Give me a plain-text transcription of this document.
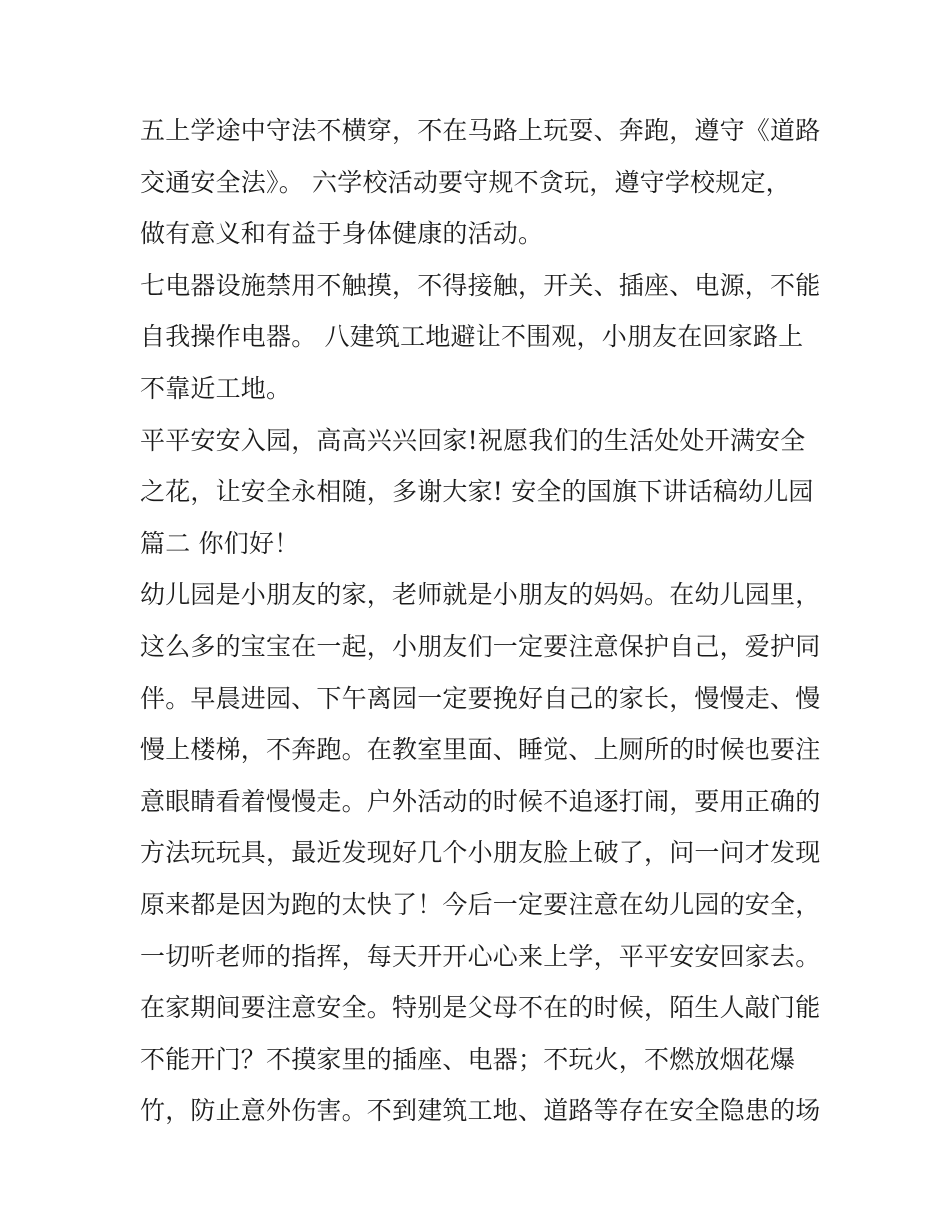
五上学途中守法不横穿，不在马路上玩耍、奔跑，遵守《道路
交通安全法》。 六学校活动要守规不贪玩，遵守学校规定，
做有意义和有益于身体健康的活动。
七电器设施禁用不触摸，不得接触，开关、插座、电源，不能
自我操作电器。 八建筑工地避让不围观，小朋友在回家路上
不靠近工地。
平平安安入园，高高兴兴回家!祝愿我们的生活处处开满安全
之花，让安全永相随，多谢大家! 安全的国旗下讲话稿幼儿园
篇二 你们好！
幼儿园是小朋友的家，老师就是小朋友的妈妈。在幼儿园里，
这么多的宝宝在一起，小朋友们一定要注意保护自己，爱护同
伴。早晨进园、下午离园一定要挽好自己的家长，慢慢走、慢
慢上楼梯，不奔跑。在教室里面、睡觉、上厕所的时候也要注
意眼睛看着慢慢走。户外活动的时候不追逐打闹，要用正确的
方法玩玩具，最近发现好几个小朋友脸上破了，问一问才发现
原来都是因为跑的太快了！今后一定要注意在幼儿园的安全，
一切听老师的指挥，每天开开心心来上学，平平安安回家去。
在家期间要注意安全。特别是父母不在的时候，陌生人敲门能
不能开门？不摸家里的插座、电器；不玩火，不燃放烟花爆
竹，防止意外伤害。不到建筑工地、道路等存在安全隐患的场
